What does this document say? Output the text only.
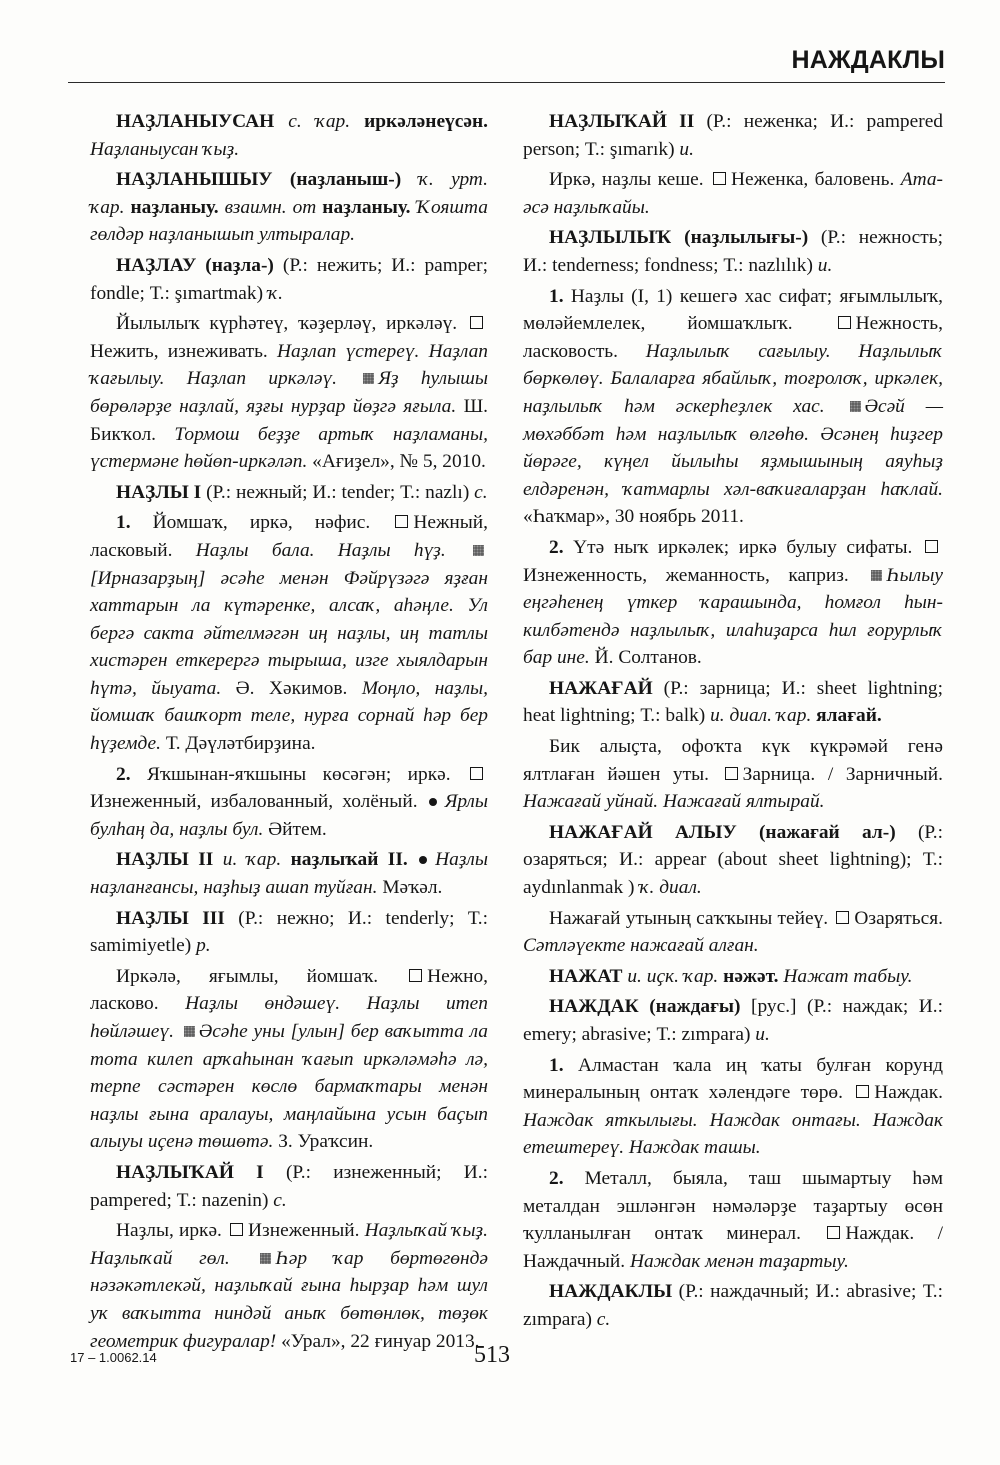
НАЖДАКЛЫ

НАҘЛАНЫУСАН с. ҡар. иркәләнеүсән. Наҙланыусан ҡыҙ.

НАҘЛАНЫШЫУ (наҙланыш-) ҡ. урт. ҡар. наҙланыу. взаимн. от наҙланыу. Ҡояшта гөлдәр наҙланышып ултыралар.

НАҘЛАУ (наҙла-) (Р.: нежить; И.: pamper; fondle; Т.: şımartmak) ҡ.

Йылылыҡ күрһәтеү, ҡәҙерләү, иркәләү. Нежить, изнеживать. Наҙлап үстереү. Наҙлап ҡағылыу. Наҙлап иркәләү. Яҙ һулышы бөрөләрҙе наҙлай, яҙғы нурҙар йөҙгә яғыла. Ш. Бикҡол. Тормош беҙҙе артыҡ наҙламаны, үстермәне һөйөп-иркәләп. «Ағиҙел», № 5, 2010.

НАҘЛЫ I (Р.: нежный; И.: tender; Т.: nazlı) с.

1. Йомшаҡ, иркә, нәфис. Нежный, ласковый. Наҙлы бала. Наҙлы һүҙ. [Ирназарҙың] әсәһе менән Фәйрүзәгә яҙған хаттарын ла күтәренке, алсаҡ, аһәңле. Ул бергә сакта әйтелмәгән иң наҙлы, иң татлы хистәрен еткерергә тырыша, изге хыялдарын һүтә, йыуата. Ә. Хәкимов. Моңло, наҙлы, йомшаҡ башҡорт теле, нурға сорнай һәр бер һүҙемде. Т. Дәүләтбирҙина.

2. Яҡшынан-яҡшыны көсәгән; иркә. Изнеженный, избалованный, холёный. Ярлы булһаң да, наҙлы бул. Әйтем.

НАҘЛЫ II и. ҡар. наҙлыҡай II. Наҙлы наҙланғансы, наҙһыҙ ашап туйған. Мәҡәл.

НАҘЛЫ III (Р.: нежно; И.: tenderly; Т.: samimiyetle) р.

Иркәлә, яғымлы, йомшаҡ.	Нежно, ласково. Наҙлы өндәшеү. Наҙлы итеп һөйләшеү. Әсәһе уны [улын] бер ваҡытта ла тота килеп арҡаһынан ҡағып иркәләмәһә лә, терпе сәстәрен көслө бармаҡтары менән наҙлы ғына аралауы, маңлайына усын баҫып алыуы иҫенә төшөтә. З. Ураҡсин.

НАҘЛЫҠАЙ I (Р.: изнеженный; И.: pampered; Т.: nazenin) с.

Наҙлы, иркә. Изнеженный. Наҙлыҡай ҡыҙ. Наҙлыҡай гөл. Һәр ҡар бөртөгөндә нәзәкәтлекәй, наҙлыҡай ғына һырҙар һәм шул уҡ ваҡытта ниндәй аныҡ бөтөнлөк, төҙөк геометрик фигуралар! «Урал», 22 ғинуар 2013.

НАҘЛЫҠАЙ II (Р.: неженка; И.: pampered person; Т.: şımarık) и.

Иркә, наҙлы кеше. Неженка, баловень. Ата-әсә наҙлыҡайы.

НАҘЛЫЛЫҠ (наҙлылығы-) (Р.: нежность; И.: tenderness; fondness; Т.: nazlılık) и.

1. Наҙлы (I, 1) кешегә хас сифат; яғымлылыҡ, мөләйемлелек, йомшаҡлыҡ.	Нежность, ласковость. Наҙлылыҡ сағылыу. Наҙлылыҡ бөркөлөү. Балаларға ябайлыҡ, тоғролоҡ, иркәлек, наҙлылыҡ һәм әскерһеҙлек хас. Әсәй — мөхәббәт һәм наҙлылыҡ өлгөһө. Әсәнең һиҙгер йөрәге, күңел йылыһы яҙмышының аяуһыҙ елдәренән, ҡатмарлы хәл-ваҡиғаларҙан һаҡлай. «Һаҡмар», 30 ноябрь 2011.

2. Үтә ныҡ иркәлек; иркә булыу сифаты. Изнеженность, жеманность, каприз. Һылыу еңгәһенең үткер ҡарашында, һомғол һын-килбәтендә наҙлылыҡ, илаһиҙарса һил ғорурлыҡ бар ине. Й. Солтанов.

НАЖАҒАЙ (Р.: зарница; И.: sheet lightning; heat lightning; Т.: balk) и. диал. ҡар. ялағай.

Бик алыҫта, офоҡта күк күкрәмәй генә ялтлаған йәшен уты. Зарница. / Зарничный. Нажағай уйнай. Нажағай ялтырай.

НАЖАҒАЙ АЛЫУ (нажағай ал-) (Р.: озаряться; И.: appear (about sheet lightning); Т.: aydınlanmak ) ҡ. диал.

Нажағай утының саҡҡыны тейеү. Озаряться. Сәтләүекте нажағай алған.

НАЖАТ и. иҫк. ҡар. нәжәт. Нажат табыу.

НАЖДАК (наждағы) [рус.] (Р.: наждак; И.: emery; abrasive; Т.: zımpara) и.

1. Алмастан ҡала иң ҡаты булған корунд минералының онтаҡ хәлендәге төрө. Наждак. Наждак яткылығы. Наждак онтағы. Наждак етештереү. Наждак ташы.

2. Металл, быяла, таш шымартыу һәм металдан эшләнгән нәмәләрҙе таҙартыу өсөн ҡулланылған онтаҡ минерал. Наждак. / Наждачный. Наждак менән таҙартыу.

НАЖДАКЛЫ (Р.: наждачный; И.: abrasive; Т.: zımpara) с.

17 – 1.0062.14	513
